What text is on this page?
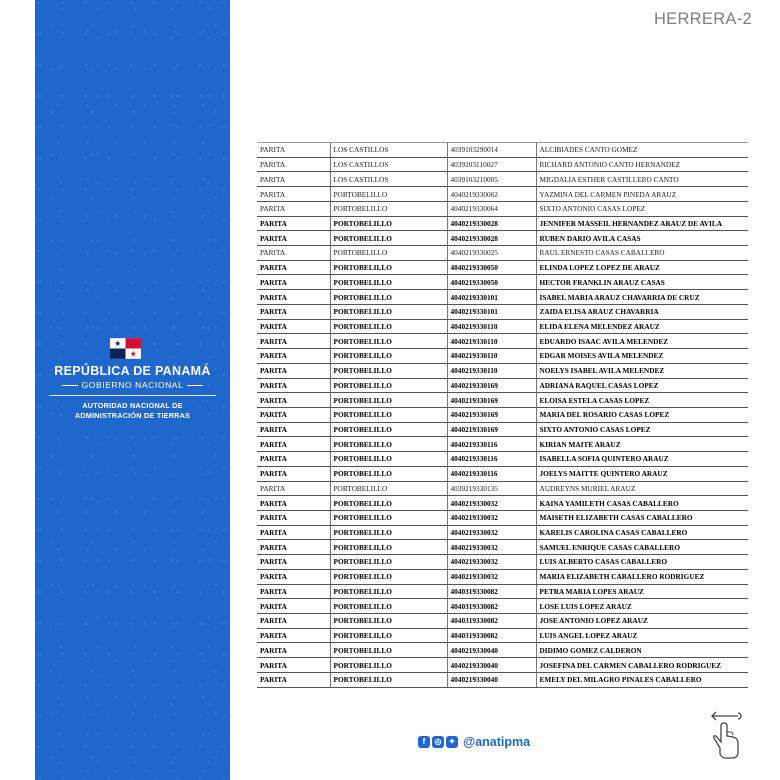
REPÚBLICA DE PANAMÁ
GOBIERNO NACIONAL
AUTORIDAD NACIONAL DE
ADMINISTRACIÓN DE TIERRAS
HERRERA-2
PARITA	LOS CASTILLOS	4039103290014	ALCIBIADES CANTO GOMEZ
PARITA	LOS CASTILLOS	4039203110027	RICHARD ANTONIO CANTO HERNANDEZ
PARITA	LOS CASTILLOS	4039103210005	MIGDALIA ESTHER CASTILLERO CANTO
PARITA	PORTOBELILLO	4040219330062	YAZMINA DEL CARMEN PINEDA ARAUZ
PARITA	PORTOBELILLO	4040219330064	SIXTO ANTONIO CASAS LOPEZ
PARITA	PORTOBELILLO	4040219330028	JENNIFER MASSEIL HERNANDEZ ARAUZ DE AVILA
PARITA	PORTOBELILLO	4040219330028	RUBEN DARIO AVILA CASAS
PARITA	PORTOBELILLO	4040219330025	RAUL ERNESTO CASAS CABALLERO
PARITA	PORTOBELILLO	4040219330050	ELINDA LOPEZ LOPEZ DE ARAUZ
PARITA	PORTOBELILLO	4040219330050	HECTOR FRANKLIN ARAUZ CASAS
PARITA	PORTOBELILLO	4040219330101	ISABEL MARIA ARAUZ CHAVARRIA DE CRUZ
PARITA	PORTOBELILLO	4040219330101	ZAIDA ELISA ARAUZ CHAVARRIA
PARITA	PORTOBELILLO	4040219330110	ELIDA ELENA MELENDEZ ARAUZ
PARITA	PORTOBELILLO	4040219330110	EDUARDO ISAAC AVILA MELENDEZ
PARITA	PORTOBELILLO	4040219330110	EDGAR MOISES AVILA MELENDEZ
PARITA	PORTOBELILLO	4040219330110	NOELYS ISABEL AVILA MELENDEZ
PARITA	PORTOBELILLO	4040219330169	ADRIANA RAQUEL CASAS LOPEZ
PARITA	PORTOBELILLO	4040219330169	ELOISA ESTELA CASAS LOPEZ
PARITA	PORTOBELILLO	4040219330169	MARIA DEL ROSARIO CASAS LOPEZ
PARITA	PORTOBELILLO	4040219330169	SIXTO ANTONIO CASAS LOPEZ
PARITA	PORTOBELILLO	4040219330116	KIRIAN MAITE ARAUZ
PARITA	PORTOBELILLO	4040219330116	ISABELLA SOFIA QUINTERO ARAUZ
PARITA	PORTOBELILLO	4040219330116	JOELYS MAITTE QUINTERO ARAUZ
PARITA	PORTOBELILLO	4039219330135	AUDREYNS MURIEL ARAUZ
PARITA	PORTOBELILLO	4040219330032	KAINA YAMILETH CASAS CABALLERO
PARITA	PORTOBELILLO	4040219330032	MAISETH ELIZABETH CASAS CABALLERO
PARITA	PORTOBELILLO	4040219330032	KARELIS CAROLINA CASAS CABALLERO
PARITA	PORTOBELILLO	4040219330032	SAMUEL ENRIQUE CASAS CABALLERO
PARITA	PORTOBELILLO	4040219330032	LUIS ALBERTO CASAS CABALLERO
PARITA	PORTOBELILLO	4040219330032	MARIA ELIZABETH CABALLERO RODRIGUEZ
PARITA	PORTOBELILLO	4040319330082	PETRA MARIA LOPES ARAUZ
PARITA	PORTOBELILLO	4040319330082	LOSE LUIS LOPEZ ARAUZ
PARITA	PORTOBELILLO	4040319330082	JOSE ANTONIO LOPEZ ARAUZ
PARITA	PORTOBELILLO	4040319330082	LUIS ANGEL LOPEZ ARAUZ
PARITA	PORTOBELILLO	4040219330040	DIDIMO GOMEZ CALDERON
PARITA	PORTOBELILLO	4040219330040	JOSEFINA DEL CARMEN CABALLERO RODRIGUEZ
PARITA	PORTOBELILLO	4040219330040	EMELY DEL MILAGRO PINALES CABALLERO
f	◎ ✦ @anatipma
